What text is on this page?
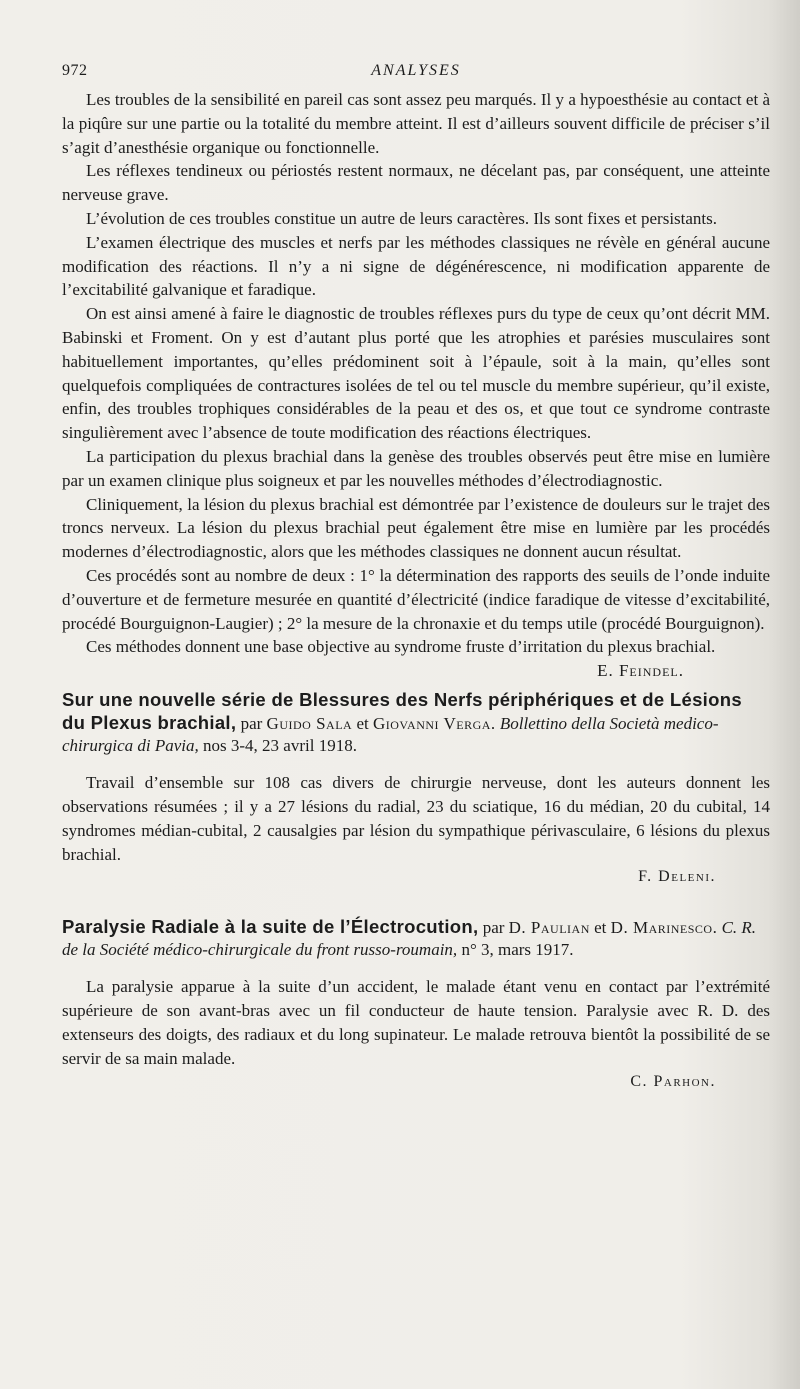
972	ANALYSES

Les troubles de la sensibilité en pareil cas sont assez peu marqués. Il y a hypoesthésie au contact et à la piqûre sur une partie ou la totalité du membre atteint. Il est d’ailleurs souvent difficile de préciser s’il s’agit d’anesthésie organique ou fonctionnelle.

Les réflexes tendineux ou périostés restent normaux, ne décelant pas, par conséquent, une atteinte nerveuse grave.

L’évolution de ces troubles constitue un autre de leurs caractères. Ils sont fixes et persistants.

L’examen électrique des muscles et nerfs par les méthodes classiques ne révèle en général aucune modification des réactions. Il n’y a ni signe de dégénérescence, ni modification apparente de l’excitabilité galvanique et faradique.

On est ainsi amené à faire le diagnostic de troubles réflexes purs du type de ceux qu’ont décrit MM. Babinski et Froment. On y est d’autant plus porté que les atrophies et parésies musculaires sont habituellement importantes, qu’elles prédominent soit à l’épaule, soit à la main, qu’elles sont quelquefois compliquées de contractures isolées de tel ou tel muscle du membre supérieur, qu’il existe, enfin, des troubles trophiques considérables de la peau et des os, et que tout ce syndrome contraste singulièrement avec l’absence de toute modification des réactions électriques.

La participation du plexus brachial dans la genèse des troubles observés peut être mise en lumière par un examen clinique plus soigneux et par les nouvelles méthodes d’électrodiagnostic.

Cliniquement, la lésion du plexus brachial est démontrée par l’existence de douleurs sur le trajet des troncs nerveux. La lésion du plexus brachial peut également être mise en lumière par les procédés modernes d’électrodiagnostic, alors que les méthodes classiques ne donnent aucun résultat.

Ces procédés sont au nombre de deux : 1° la détermination des rapports des seuils de l’onde induite d’ouverture et de fermeture mesurée en quantité d’électricité (indice faradique de vitesse d’excitabilité, procédé Bourguignon-Laugier) ; 2° la mesure de la chronaxie et du temps utile (procédé Bourguignon).

Ces méthodes donnent une base objective au syndrome fruste d’irritation du plexus brachial.
E. Feindel.

Sur une nouvelle série de Blessures des Nerfs périphériques et de Lésions du Plexus brachial, par Guido Sala et Giovanni Verga. Bollettino della Società medico-chirurgica di Pavia, nos 3-4, 23 avril 1918.

Travail d’ensemble sur 108 cas divers de chirurgie nerveuse, dont les auteurs donnent les observations résumées ; il y a 27 lésions du radial, 23 du sciatique, 16 du médian, 20 du cubital, 14 syndromes médian-cubital, 2 causalgies par lésion du sympathique périvasculaire, 6 lésions du plexus brachial.

F. Deleni.
Paralysie Radiale à la suite de l’Électrocution, par D. Paulian et D. Marinesco. C. R. de la Société médico-chirurgicale du front russo-roumain, n° 3, mars 1917.

La paralysie apparue à la suite d’un accident, le malade étant venu en contact par l’extrémité supérieure de son avant-bras avec un fil conducteur de haute tension. Paralysie avec R. D. des extenseurs des doigts, des radiaux et du long supinateur. Le malade retrouva bientôt la possibilité de se servir de sa main malade.

C. Parhon.
